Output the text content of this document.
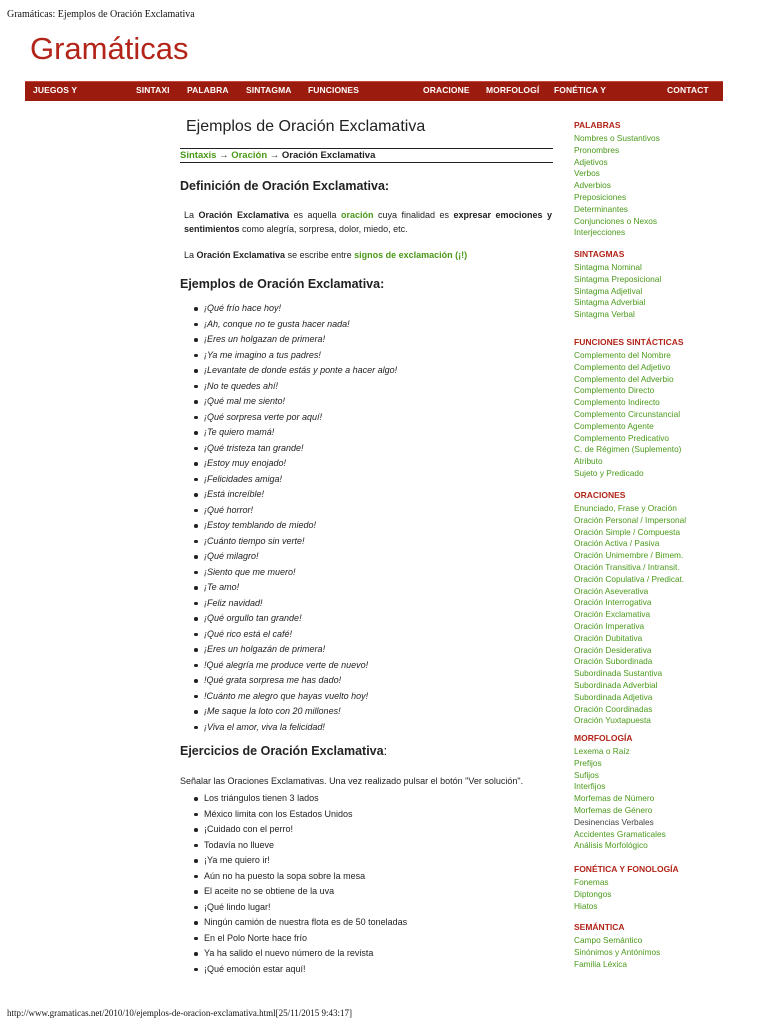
Gramáticas: Ejemplos de Oración Exclamativa
Gramáticas
JUEGOS Y	SINTAXI PALABRA SINTAGMA FUNCIONES	ORACIONE MORFOLOGÍ FONÉTICA Y	CONTACT
Ejemplos de Oración Exclamativa
Sintaxis → Oración → Oración Exclamativa
Definición de Oración Exclamativa:
La Oración Exclamativa es aquella oración cuya finalidad es expresar emociones y sentimientos como alegría, sorpresa, dolor, miedo, etc.
La Oración Exclamativa se escribe entre signos de exclamación (¡!)
Ejemplos de Oración Exclamativa:
¡Qué frío hace hoy!
¡Ah, conque no te gusta hacer nada!
¡Eres un holgazan de primera!
¡Ya me imagino a tus padres!
¡Levantate de donde estás y ponte a hacer algo!
¡No te quedes ahí!
¡Qué mal me siento!
¡Qué sorpresa verte por aquí!
¡Te quiero mamá!
¡Qué tristeza tan grande!
¡Estoy muy enojado!
¡Felicidades amiga!
¡Está increíble!
¡Qué horror!
¡Estoy temblando de miedo!
¡Cuánto tiempo sin verte!
¡Qué milagro!
¡Siento que me muero!
¡Te amo!
¡Feliz navidad!
¡Qué orgullo tan grande!
¡Qué rico está el café!
¡Eres un holgazán de primera!
!Qué alegría me produce verte de nuevo!
!Qué grata sorpresa me has dado!
!Cuánto me alegro que hayas vuelto hoy!
¡Me saque la loto con 20 millones!
¡Viva el amor, viva la felicidad!
Ejercicios de Oración Exclamativa:
Señalar las Oraciones Exclamativas. Una vez realizado pulsar el botón "Ver solución".
Los triángulos tienen 3 lados
México limita con los Estados Unidos
¡Cuidado con el perro!
Todavía no llueve
¡Ya me quiero ir!
Aún no ha puesto la sopa sobre la mesa
El aceite no se obtiene de la uva
¡Qué lindo lugar!
Ningún camión de nuestra flota es de 50 toneladas
En el Polo Norte hace frío
Ya ha salido el nuevo número de la revista
¡Qué emoción estar aquí!
PALABRAS
Nombres o Sustantivos
Pronombres
Adjetivos
Verbos
Adverbios
Preposiciones
Determinantes
Conjunciones o Nexos
Interjecciones
SINTAGMAS
Sintagma Nominal
Sintagma Preposicional
Sintagma Adjetival
Sintagma Adverbial
Sintagma Verbal
FUNCIONES SINTÁCTICAS
Complemento del Nombre
Complemento del Adjetivo
Complemento del Adverbio
Complemento Directo
Complemento Indirecto
Complemento Circunstancial
Complemento Agente
Complemento Predicativo
C. de Régimen (Suplemento)
Atributo
Sujeto y Predicado
ORACIONES
Enunciado, Frase y Oración
Oración Personal / Impersonal
Oración Simple / Compuesta
Oración Activa / Pasiva
Oración Unimembre / Bimem.
Oración Transitiva / Intransit.
Oración Copulativa / Predicat.
Oración Aseverativa
Oración Interrogativa
Oración Exclamativa
Oración Imperativa
Oración Dubitativa
Oración Desiderativa
Oración Subordinada
Subordinada Sustantiva
Subordinada Adverbial
Subordinada Adjetiva
Oración Coordinadas
Oración Yuxtapuesta
MORFOLOGÍA
Lexema o Raíz
Prefijos
Sufijos
Interfijos
Morfemas de Número
Morfemas de Género
Desinencias Verbales
Accidentes Gramaticales
Análisis Morfológico
FONÉTICA Y FONOLOGÍA
Fonemas
Diptongos
Hiatos
SEMÁNTICA
Campo Semántico
Sinónimos y Antónimos
Familia Léxica
http://www.gramaticas.net/2010/10/ejemplos-de-oracion-exclamativa.html[25/11/2015 9:43:17]
